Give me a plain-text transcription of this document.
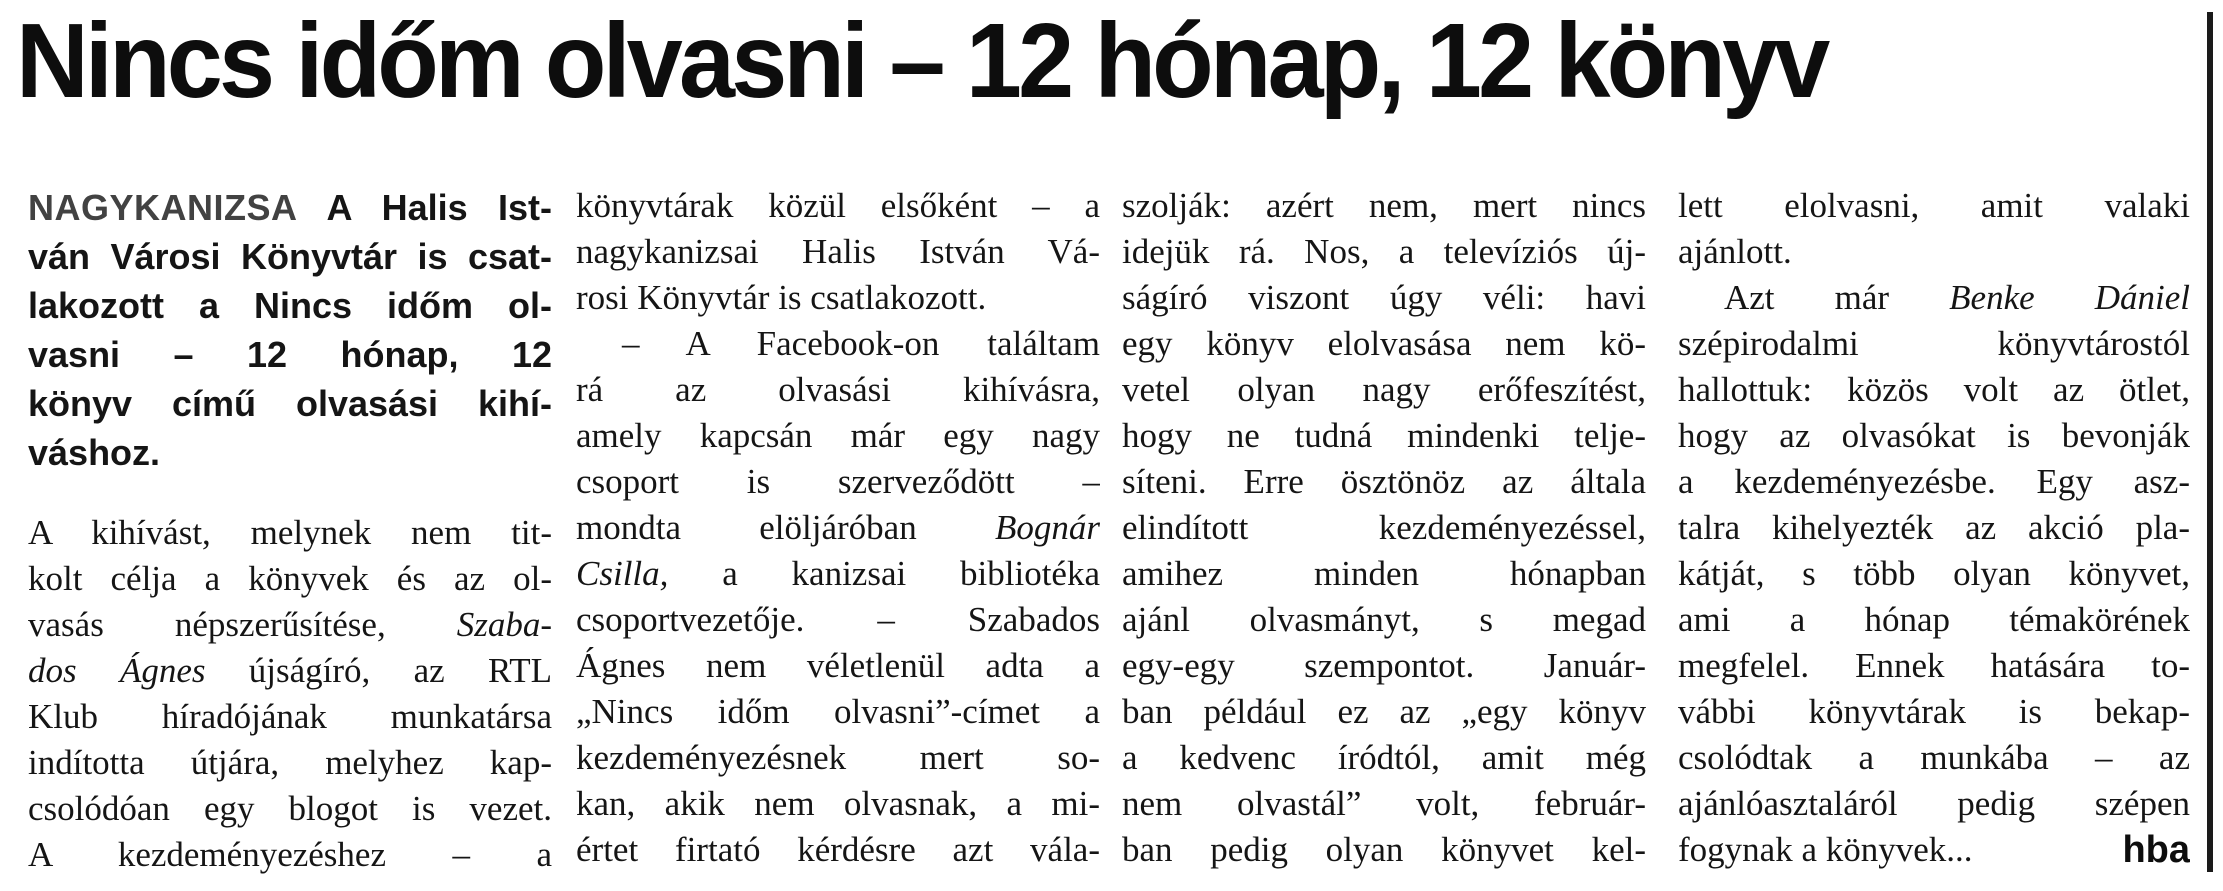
Nincs időm olvasni – 12 hónap, 12 könyv
NAGYKANIZSA A Halis Ist-
ván Városi Könyvtár is csat-
lakozott a Nincs időm ol-
vasni – 12 hónap, 12
könyv című olvasási kihí-
váshoz.
A kihívást, melynek nem tit-
kolt célja a könyvek és az ol-
vasás népszerűsítése, Szaba-
dos Ágnes újságíró, az RTL
Klub híradójának munkatársa
indította útjára, melyhez kap-
csolódóan egy blogot is vezet.
A kezdeményezéshez – a
könyvtárak közül elsőként – a
nagykanizsai Halis István Vá-
rosi Könyvtár is csatlakozott.
– A Facebook-on találtam
rá az olvasási kihívásra,
amely kapcsán már egy nagy
csoport is szerveződött –
mondta elöljáróban Bognár
Csilla, a kanizsai bibliotéka
csoportvezetője. – Szabados
Ágnes nem véletlenül adta a
„Nincs időm olvasni”-címet a
kezdeményezésnek mert so-
kan, akik nem olvasnak, a mi-
értet firtató kérdésre azt vála-
szolják: azért nem, mert nincs
idejük rá. Nos, a televíziós új-
ságíró viszont úgy véli: havi
egy könyv elolvasása nem kö-
vetel olyan nagy erőfeszítést,
hogy ne tudná mindenki telje-
síteni. Erre ösztönöz az általa
elindított kezdeményezéssel,
amihez minden hónapban
ajánl olvasmányt, s megad
egy-egy szempontot. Január-
ban például ez az „egy könyv
a kedvenc íródtól, amit még
nem olvastál” volt, február-
ban pedig olyan könyvet kel-
lett elolvasni, amit valaki
ajánlott.
Azt már Benke Dániel
szépirodalmi könyvtárostól
hallottuk: közös volt az ötlet,
hogy az olvasókat is bevonják
a kezdeményezésbe. Egy asz-
talra kihelyezték az akció pla-
kátját, s több olyan könyvet,
ami a hónap témakörének
megfelel. Ennek hatására to-
vábbi könyvtárak is bekap-
csolódtak a munkába – az
ajánlóasztaláról pedig szépen
fogynak a könyvek...	hba
